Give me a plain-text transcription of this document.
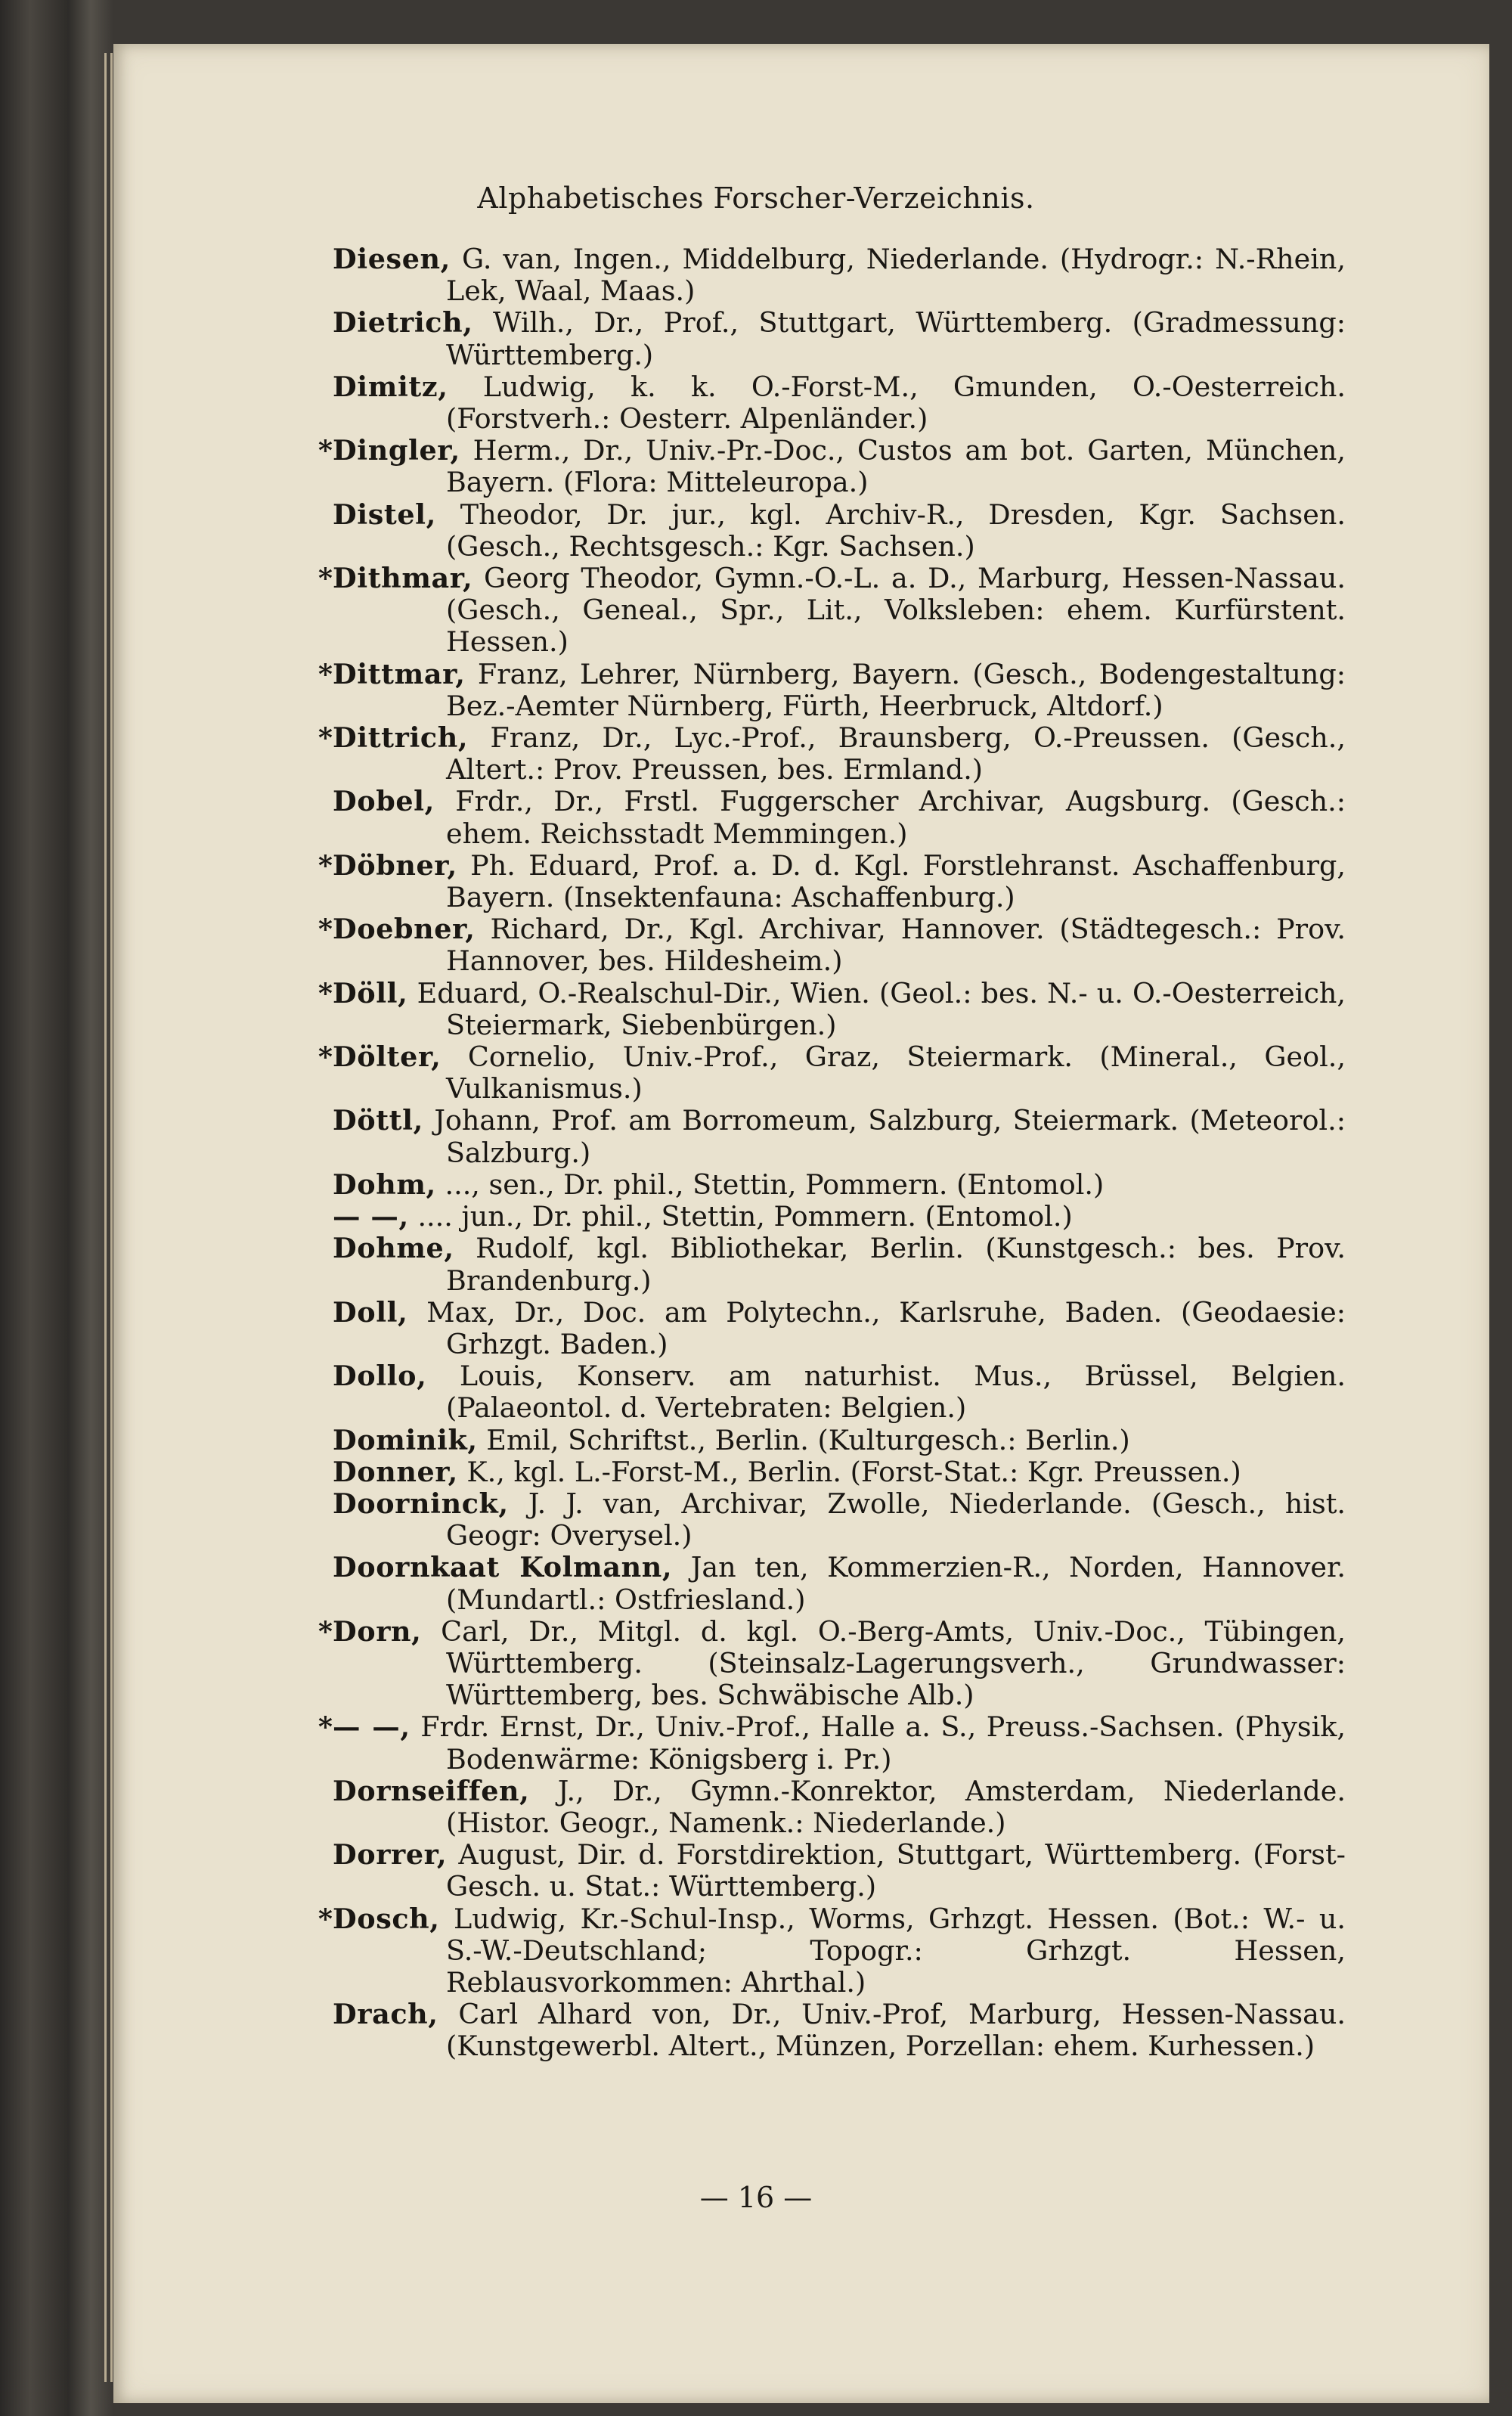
Alphabetisches Forscher-Verzeichnis.
Diesen, G. van, Ingen., Middelburg, Niederlande. (Hydrogr.: N.-Rhein, Lek, Waal, Maas.)
Dietrich, Wilh., Dr., Prof., Stuttgart, Württemberg. (Gradmessung: Württemberg.)
Dimitz, Ludwig, k. k. O.-Forst-M., Gmunden, O.-Oesterreich. (Forstverh.: Oesterr. Alpenländer.)
* Dingler, Herm., Dr., Univ.-Pr.-Doc., Custos am bot. Garten, München, Bayern. (Flora: Mitteleuropa.)
Distel, Theodor, Dr. jur., kgl. Archiv-R., Dresden, Kgr. Sachsen. (Gesch., Rechtsgesch.: Kgr. Sachsen.)
* Dithmar, Georg Theodor, Gymn.-O.-L. a. D., Marburg, Hessen-Nassau. (Gesch., Geneal., Spr., Lit., Volksleben: ehem. Kurfürstent. Hessen.)
* Dittmar, Franz, Lehrer, Nürnberg, Bayern. (Gesch., Bodengestaltung: Bez.-Aemter Nürnberg, Fürth, Heerbruck, Altdorf.)
* Dittrich, Franz, Dr., Lyc.-Prof., Braunsberg, O.-Preussen. (Gesch., Altert.: Prov. Preussen, bes. Ermland.)
Dobel, Frdr., Dr., Frstl. Fuggerscher Archivar, Augsburg. (Gesch.: ehem. Reichsstadt Memmingen.)
* Döbner, Ph. Eduard, Prof. a. D. d. Kgl. Forstlehranst. Aschaffenburg, Bayern. (Insektenfauna: Aschaffenburg.)
* Doebner, Richard, Dr., Kgl. Archivar, Hannover. (Städtegesch.: Prov. Hannover, bes. Hildesheim.)
* Döll, Eduard, O.-Realschul-Dir., Wien. (Geol.: bes. N.- u. O.-Oesterreich, Steiermark, Siebenbürgen.)
* Dölter, Cornelio, Univ.-Prof., Graz, Steiermark. (Mineral., Geol., Vulkanismus.)
Döttl, Johann, Prof. am Borromeum, Salzburg, Steiermark. (Meteorol.: Salzburg.)
Dohm, ..., sen., Dr. phil., Stettin, Pommern. (Entomol.)
— —, .... jun., Dr. phil., Stettin, Pommern. (Entomol.)
Dohme, Rudolf, kgl. Bibliothekar, Berlin. (Kunstgesch.: bes. Prov. Brandenburg.)
Doll, Max, Dr., Doc. am Polytechn., Karlsruhe, Baden. (Geodaesie: Grhzgt. Baden.)
Dollo, Louis, Konserv. am naturhist. Mus., Brüssel, Belgien. (Palaeontol. d. Vertebraten: Belgien.)
Dominik, Emil, Schriftst., Berlin. (Kulturgesch.: Berlin.)
Donner, K., kgl. L.-Forst-M., Berlin. (Forst-Stat.: Kgr. Preussen.)
Doorninck, J. J. van, Archivar, Zwolle, Niederlande. (Gesch., hist. Geogr: Overysel.)
Doornkaat Kolmann, Jan ten, Kommerzien-R., Norden, Hannover. (Mundartl.: Ostfriesland.)
* Dorn, Carl, Dr., Mitgl. d. kgl. O.-Berg-Amts, Univ.-Doc., Tübingen, Württemberg. (Steinsalz-Lagerungsverh., Grundwasser: Württemberg, bes. Schwäbische Alb.)
* — —, Frdr. Ernst, Dr., Univ.-Prof., Halle a. S., Preuss.-Sachsen. (Physik, Bodenwärme: Königsberg i. Pr.)
Dornseiffen, J., Dr., Gymn.-Konrektor, Amsterdam, Niederlande. (Histor. Geogr., Namenk.: Niederlande.)
Dorrer, August, Dir. d. Forstdirektion, Stuttgart, Württemberg. (Forst-Gesch. u. Stat.: Württemberg.)
* Dosch, Ludwig, Kr.-Schul-Insp., Worms, Grhzgt. Hessen. (Bot.: W.- u. S.-W.-Deutschland; Topogr.: Grhzgt. Hessen, Reblausvorkommen: Ahrthal.)
Drach, Carl Alhard von, Dr., Univ.-Prof, Marburg, Hessen-Nassau. (Kunstgewerbl. Altert., Münzen, Porzellan: ehem. Kurhessen.)
— 16 —
